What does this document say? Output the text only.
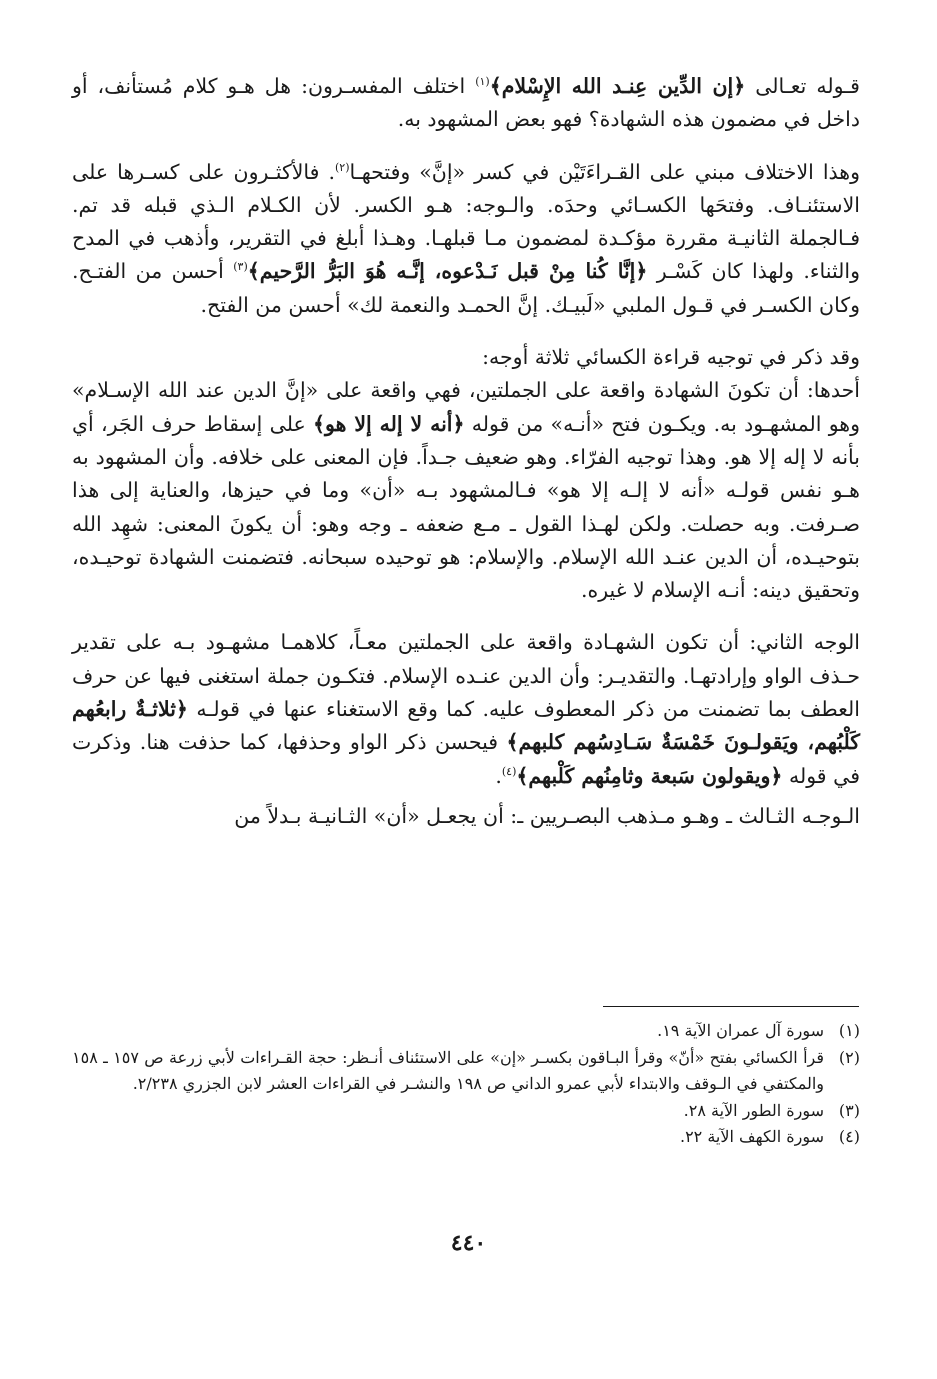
قـوله تعـالى ﴿إن الدِّين عِنـد الله الإِسْلام﴾$^{(١)}$ اختلف المفسـرون: هل هـو كلام مُستأنف، أو داخل في مضمون هذه الشهادة؟ فهو بعض المشهود به.

وهذا الاختلاف مبني على القـراءَتَيْن في كسر «إنَّ» وفتحهـا$^{(٢)}$. فالأكثـرون على كسـرها على الاستئنـاف. وفتحَها الكسـائي وحدَه. والـوجه: هـو الكسر. لأن الكـلام الـذي قبله قد تم. فـالجملة الثانيـة مقررة مؤكـدة لمضمون مـا قبلهـا. وهـذا أبلغ في التقرير، وأذهب في المدح والثناء. ولهذا كان كَسْـر ﴿إنَّا كُنا مِنْ قبل نَـدْعوه، إنَّـه هُوَ البَرُّ الرَّحيم﴾$^{(٣)}$ أحسن من الفتـح. وكان الكسـر في قـول الملبي «لَبيـك. إنَّ الحمـد والنعمة لك» أحسن من الفتح.

وقد ذكر في توجيه قراءة الكسائي ثلاثة أوجه:

أحدها: أن تكونَ الشهادة واقعة على الجملتين، فهي واقعة على «إنَّ الدين عند الله الإسـلام» وهو المشهـود به. ويكـون فتح «أنـه» من قوله ﴿أنه لا إله إلا هو﴾ على إسقاط حرف الجَر، أي بأنه لا إله إلا هو. وهذا توجيه الفرّاء. وهو ضعيف جـداً. فإن المعنى على خلافه. وأن المشهود به هـو نفس قولـه «أنه لا إلـه إلا هو» فـالمشهود بـه «أن» وما في حيزها، والعناية إلى هذا صـرفت. وبه حصلت. ولكن لهـذا القول ـ مـع ضعفه ـ وجه وهو: أن يكونَ المعنى: شهِد الله بتوحيـده، أن الدين عنـد الله الإسلام. والإسلام: هو توحيده سبحانه. فتضمنت الشهادة توحيـده، وتحقيق دينه: أنـه الإسلام لا غيره.

الوجه الثاني: أن تكون الشهـادة واقعة على الجملتين معـاً، كلاهمـا مشهـود بـه على تقدير حـذف الواو وإرادتهـا. والتقديـر: وأن الدين عنـده الإسلام. فتكـون جملة استغنى فيها عن حرف العطف بما تضمنت من ذكر المعطوف عليه. كما وقع الاستغناء عنها في قولـه ﴿ثلاثـةٌ رابعُهم كَلْبُهم، ويَقولـونَ خَمْسَةٌ سَـادِسُهم كلبهم﴾ فيحسن ذكر الواو وحذفها، كما حذفت هنا. وذكرت في قوله ﴿ويقولون سَبعة وثامِنُهم كَلْبهم﴾$^{(٤)}$.

الـوجـه الثـالث ـ وهـو مـذهب البصـريين ـ: أن يجعـل «أن» الثـانيـة بـدلاً من

(١)
سورة آل عمران الآية ١٩.
(٢)
قرأ الكسائي بفتح «أنّ» وقرأ البـاقون بكسـر «إن» على الاستئناف أنـظر: حجة القـراءات لأبي زرعة ص ١٥٧ ـ ١٥٨ والمكتفي في الـوقف والابتداء لأبي عمرو الداني ص ١٩٨ والنشـر في القراءات العشر لابن الجزري ٢/٢٣٨.
(٣)
سورة الطور الآية ٢٨.
(٤)
سورة الكهف الآية ٢٢.
٤٤٠
